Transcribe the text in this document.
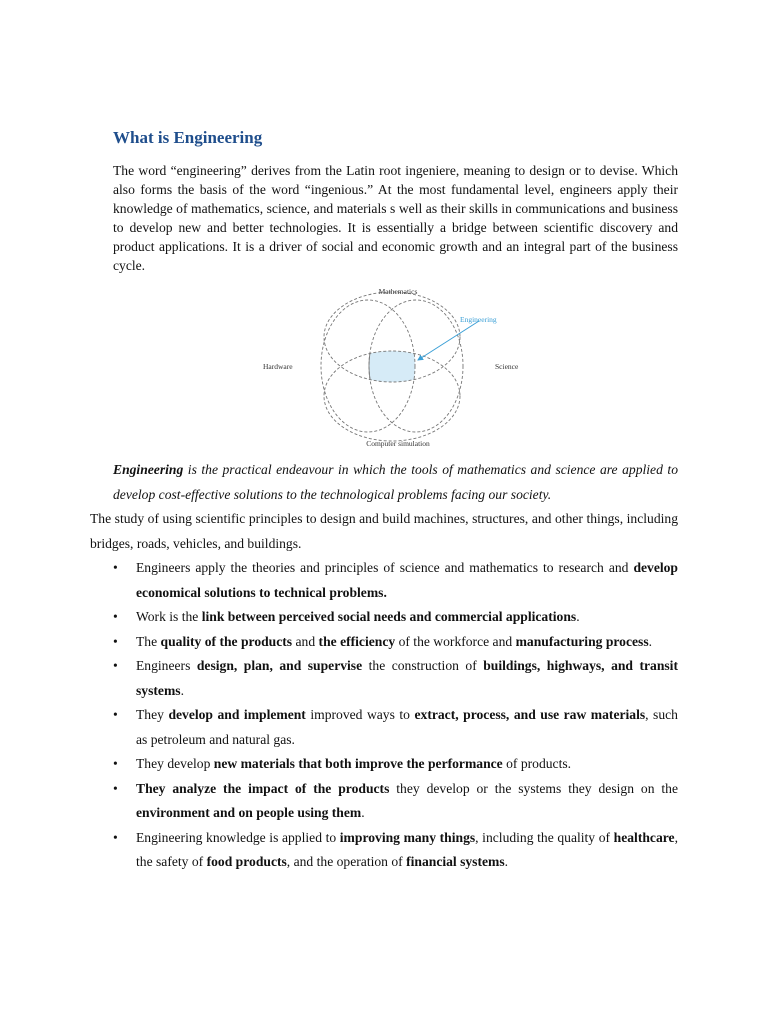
What is Engineering

The word “engineering” derives from the Latin root ingeniere, meaning to design or to devise. Which also forms the basis of the word “ingenious.” At the most fundamental level, engineers apply their knowledge of mathematics, science, and materials s well as their skills in communications and business to develop new and better technologies. It is essentially a bridge between scientific discovery and product applications. It is a driver of social and economic growth and an integral part of the business cycle.

Mathematics
Hardware	Science
Computer simulation
Engineering

Engineering is the practical endeavour in which the tools of mathematics and science are applied to develop cost-effective solutions to the technological problems facing our society.

The study of using scientific principles to design and build machines, structures, and other things, including bridges, roads, vehicles, and buildings.

• Engineers apply the theories and principles of science and mathematics to research and develop economical solutions to technical problems.
• Work is the link between perceived social needs and commercial applications.
• The quality of the products and the efficiency of the workforce and manufacturing process.
• Engineers design, plan, and supervise the construction of buildings, highways, and transit systems.
• They develop and implement improved ways to extract, process, and use raw materials, such as petroleum and natural gas.
• They develop new materials that both improve the performance of products.
• They analyze the impact of the products they develop or the systems they design on the environment and on people using them.
• Engineering knowledge is applied to improving many things, including the quality of healthcare, the safety of food products, and the operation of financial systems.
